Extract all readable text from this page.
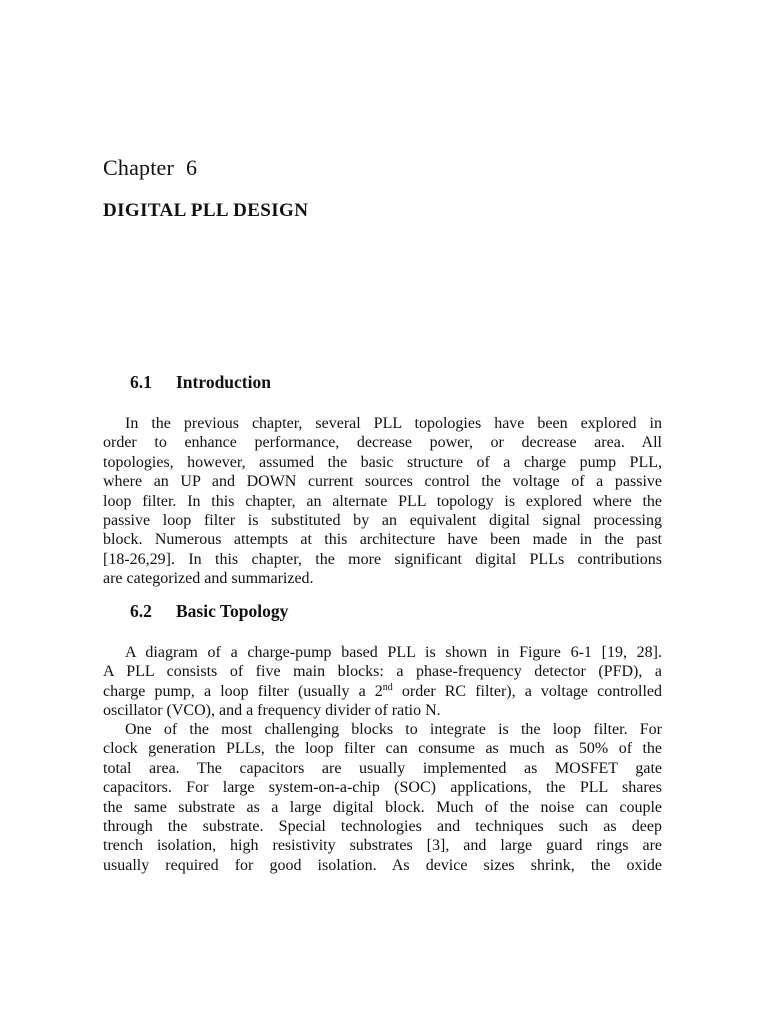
Chapter 6
DIGITAL PLL DESIGN
6.1 Introduction
In the previous chapter, several PLL topologies have been explored in
order to enhance performance, decrease power, or decrease area. All
topologies, however, assumed the basic structure of a charge pump PLL,
where an UP and DOWN current sources control the voltage of a passive
loop filter. In this chapter, an alternate PLL topology is explored where the
passive loop filter is substituted by an equivalent digital signal processing
block. Numerous attempts at this architecture have been made in the past
[18-26,29]. In this chapter, the more significant digital PLLs contributions
are categorized and summarized.
6.2 Basic Topology
A diagram of a charge-pump based PLL is shown in Figure 6-1 [19, 28].
A PLL consists of five main blocks: a phase-frequency detector (PFD), a
charge pump, a loop filter (usually a 2nd order RC filter), a voltage controlled
oscillator (VCO), and a frequency divider of ratio N.
One of the most challenging blocks to integrate is the loop filter. For
clock generation PLLs, the loop filter can consume as much as 50% of the
total area. The capacitors are usually implemented as MOSFET gate
capacitors. For large system-on-a-chip (SOC) applications, the PLL shares
the same substrate as a large digital block. Much of the noise can couple
through the substrate. Special technologies and techniques such as deep
trench isolation, high resistivity substrates [3], and large guard rings are
usually required for good isolation. As device sizes shrink, the oxide
